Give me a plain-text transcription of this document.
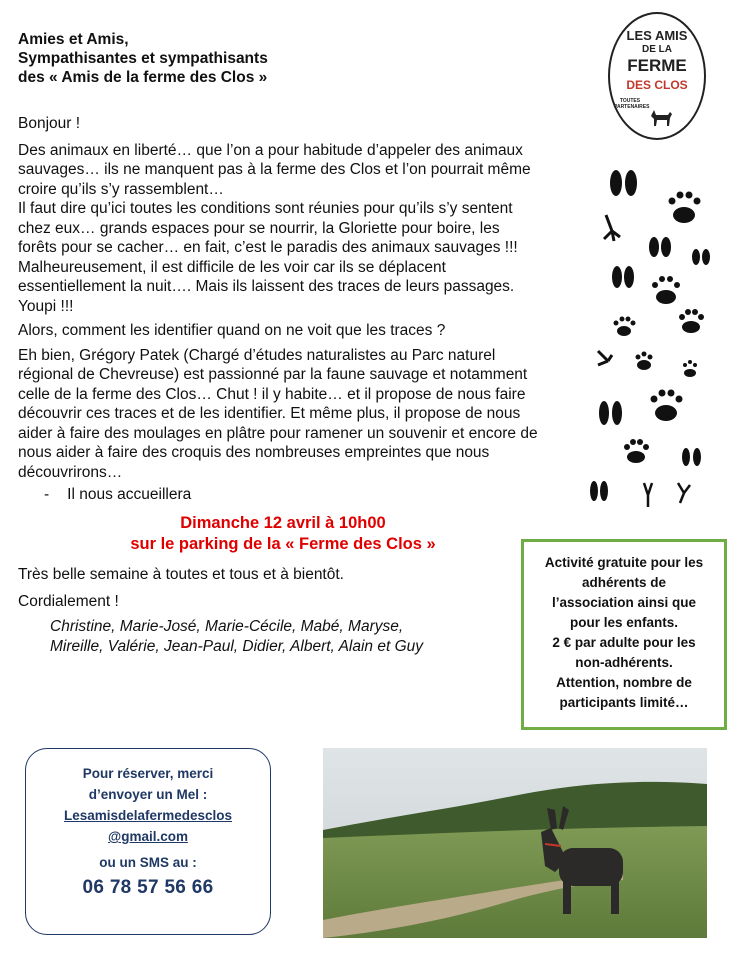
Amies et Amis,
Sympathisantes et sympathisants
des « Amis de la ferme des Clos »
LES AMIS
DE LA
FERME
DES CLOS
TOUTES PARTENAIRES

Bonjour !

Des animaux en liberté… que l’on a pour habitude d’appeler des animaux sauvages… ils ne manquent pas à la ferme des Clos et l’on pourrait même croire qu’ils s’y rassemblent…

Il faut dire qu’ici toutes les conditions sont réunies pour qu’ils s’y sentent chez eux… grands espaces pour se nourrir, la Gloriette pour boire, les forêts pour se cacher… en fait, c’est le paradis des animaux sauvages !!!

Malheureusement, il est difficile de les voir car ils se déplacent essentiellement la nuit…. Mais ils laissent des traces de leurs passages. Youpi !!!

Alors, comment les identifier quand on ne voit que les traces ?

Eh bien, Grégory Patek (Chargé d’études naturalistes au Parc naturel régional de Chevreuse) est passionné par la faune sauvage et notamment celle de la ferme des Clos… Chut ! il y habite… et il propose de nous faire découvrir ces traces et de les identifier. Et même plus, il propose de nous aider à faire des moulages en plâtre pour ramener un souvenir et encore de nous aider à faire des croquis des nombreuses empreintes que nous découvrirons…

- Il nous accueillera
Dimanche 12 avril à 10h00
sur le parking de la « Ferme des Clos »

Très belle semaine à toutes et tous et à bientôt.

Cordialement !

Christine, Marie-José, Marie-Cécile, Mabé, Maryse,
Mireille, Valérie, Jean-Paul, Didier, Albert, Alain et Guy
Activité gratuite pour les
adhérents de
l’association ainsi que
pour les enfants.
2 € par adulte pour les
non-adhérents.
Attention, nombre de
participants limité…
Pour réserver, merci
d’envoyer un Mel :
Lesamisdelafermedesclos
@gmail.com
ou un SMS au :
06 78 57 56 66
